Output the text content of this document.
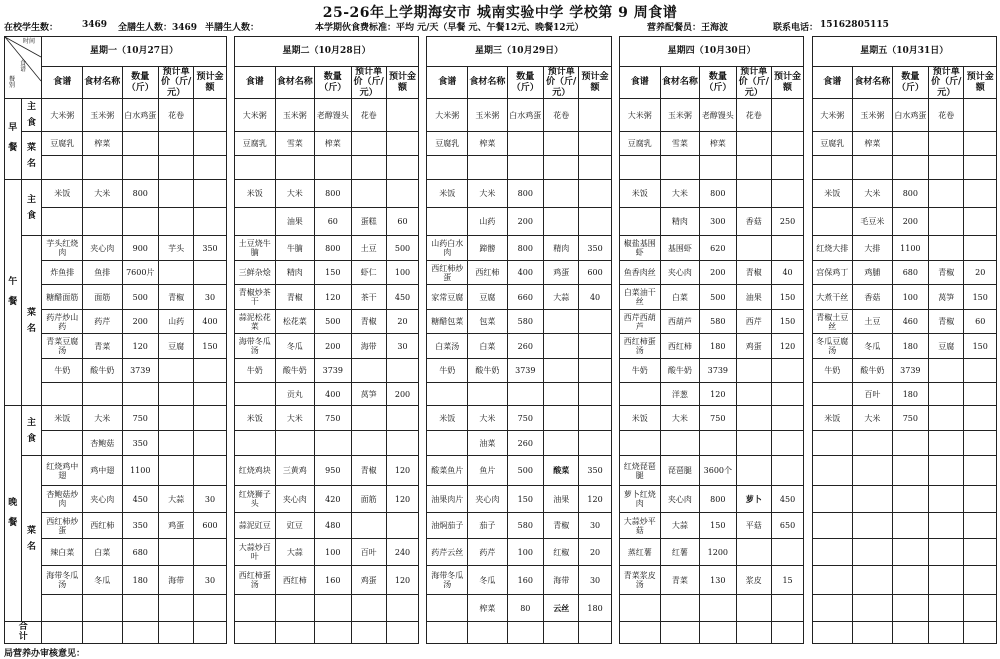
25-26年上学期海安市 城南实验中学 学校第 9 周食谱
在校学生数：	3469 全膳生人数：3469 半膳生人数：	本学期伙食费标准：平均 元/天（早餐 元、午餐12元、晚餐12元）	营养配餐员：王海波	联系电话： 15162805115
时间
食谱
餐别		星期一（10月27日）						星期二（10月28日）						星期三（10月29日）						星期四（10月30日）						星期五（10月31日）				
		食谱	食材名称	数量（斤）	预计单价（斤/元）	预计金额		食谱	食材名称	数量（斤）	预计单价（斤/元）	预计金额		食谱	食材名称	数量（斤）	预计单价（斤/元）	预计金额		食谱	食材名称	数量（斤）	预计单价（斤/元）	预计金额		食谱	食材名称	数量（斤）	预计单价（斤/元）	预计金额

早餐	主食	大米粥	玉米粥	白水鸡蛋	花卷			大米粥	玉米粥	老醇馒头	花卷			大米粥	玉米粥	白水鸡蛋	花卷			大米粥	玉米粥	老醇馒头	花卷			大米粥	玉米粥	白水鸡蛋	花卷	

	菜名	豆腐乳	榨菜					豆腐乳	雪菜	榨菜				豆腐乳	榨菜					豆腐乳	雪菜	榨菜				豆腐乳	榨菜			

午餐	主食	米饭	大米	800				米饭	大米	800				米饭	大米	800				米饭	大米	800				米饭	大米	800		
									油果	60	蛋糕	60			山药	200					精肉	300	香菇	250			毛豆米	200		

	菜名	芋头红烧肉	夹心肉	900	芋头	350		土豆烧牛腩	牛腩	800	土豆	500		山药白水肉	蹄髈	800	精肉	350		椒盐基围虾	基围虾	620				红烧大排	大排	1100		
		炸鱼排	鱼排	7600片				三鲜杂烩	精肉	150	虾仁	100		西红柿炒蛋	西红柿	400	鸡蛋	600		鱼香肉丝	夹心肉	200	青椒	40		宫保鸡丁	鸡脯	680	青椒	20
		糖醋面筋	面筋	500	青椒	30		青椒炒茶干	青椒	120	茶干	450		家常豆腐	豆腐	660	大蒜	40		白菜油干丝	白菜	500	油果	150		大煮干丝	香菇	100	莴笋	150
		药芹炒山药	药芹	200	山药	400		蒜泥松花菜	松花菜	500	青椒	20		糖醋包菜	包菜	580				西芹西葫芦	西葫芦	580	西芹	150		青椒土豆丝	土豆	460	青椒	60
		青菜豆腐汤	青菜	120	豆腐	150		海带冬瓜汤	冬瓜	200	海带	30		白菜汤	白菜	260				西红柿蛋汤	西红柿	180	鸡蛋	120		冬瓜豆腐汤	冬瓜	180	豆腐	150
		牛奶	酸牛奶	3739				牛奶	酸牛奶	3739				牛奶	酸牛奶	3739				牛奶	酸牛奶	3739				牛奶	酸牛奶	3739		
									贡丸	400	莴笋	200									洋葱	120					百叶	180		

晚餐	主食	米饭	大米	750				米饭	大米	750				米饭	大米	750				米饭	大米	750				米饭	大米	750		
			杏鲍菇	350											油菜	260														

	菜名	红烧鸡中翅	鸡中翅	1100				红烧鸡块	三黄鸡	950	青椒	120		酸菜鱼片	鱼片	500	酸菜	350		红烧琵琶腿	琵琶腿	3600个								
		杏鲍菇炒肉	夹心肉	450	大蒜	30		红烧狮子头	夹心肉	420	面筋	120		油果肉片	夹心肉	150	油果	120		萝卜红烧肉	夹心肉	800	萝卜	450						
		西红柿炒蛋	西红柿	350	鸡蛋	600		蒜泥豇豆	豇豆	480				油焖茄子	茄子	580	青椒	30		大蒜炒平菇	大蒜	150	平菇	650						
		辣白菜	白菜	680				大蒜炒百叶	大蒜	100	百叶	240		药芹云丝	药芹	100	红椒	20		蒸红薯	红薯	1200								
		海带冬瓜汤	冬瓜	180	海带	30		西红柿蛋汤	西红柿	160	鸡蛋	120		海带冬瓜汤	冬瓜	160	海带	30		青菜浆皮汤	青菜	130	浆皮	15						
															榨菜	80	云丝	180												

合计																														

局营养办审核意见：
